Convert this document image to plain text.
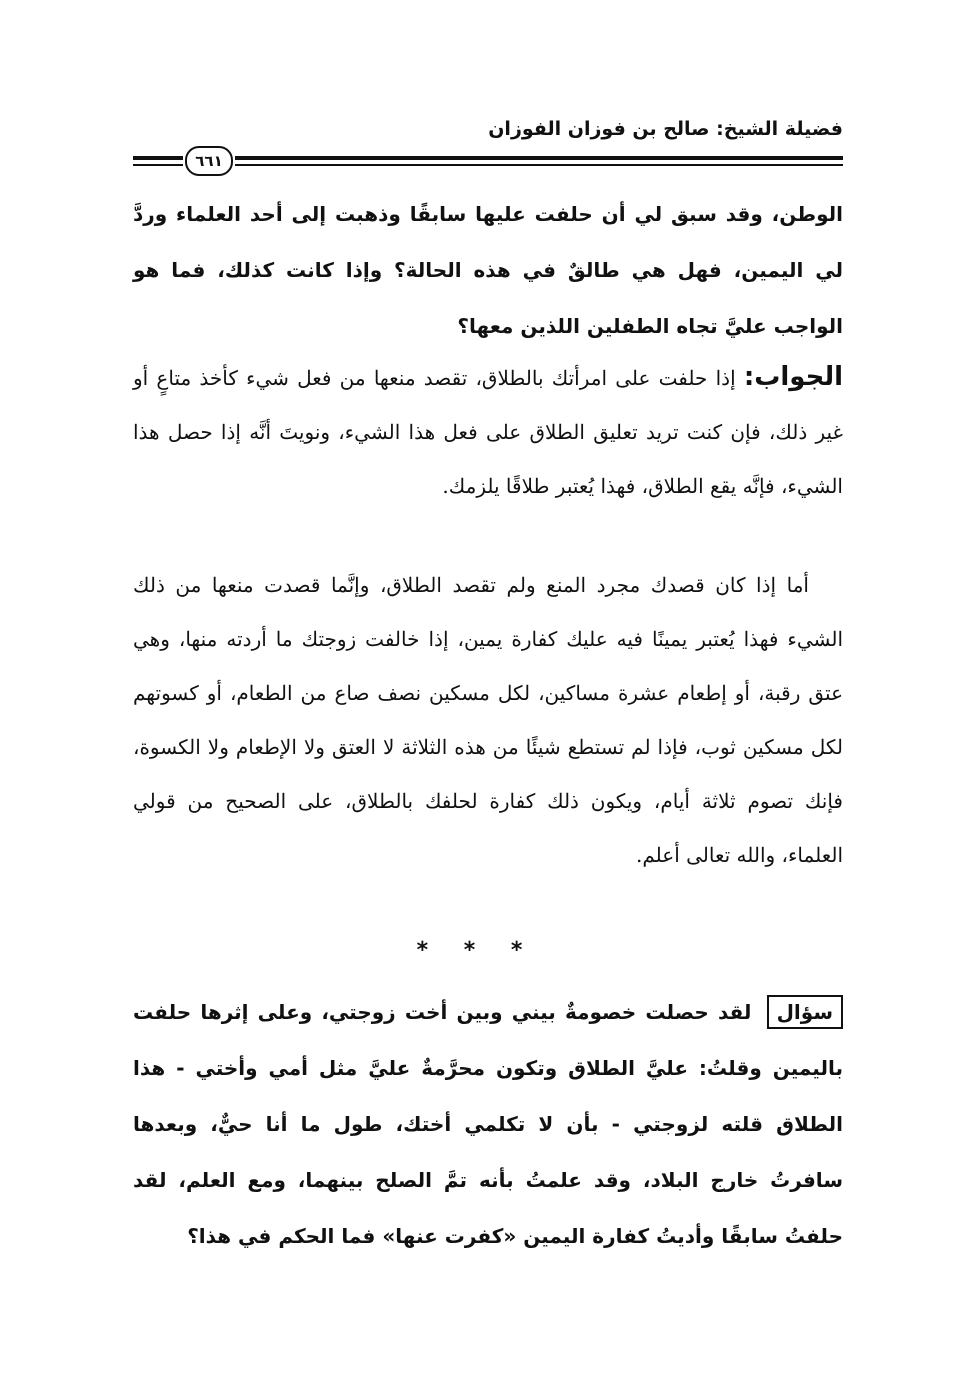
فضيلة الشيخ: صالح بن فوزان الفوزان
٦٦١
الوطن، وقد سبق لي أن حلفت عليها سابقًا وذهبت إلى أحد العلماء وردَّ لي اليمين، فهل هي طالقٌ في هذه الحالة؟ وإذا كانت كذلك، فما هو الواجب عليَّ تجاه الطفلين اللذين معها؟
الجواب: إذا حلفت على امرأتك بالطلاق، تقصد منعها من فعل شيء كأخذ متاعٍ أو غير ذلك، فإن كنت تريد تعليق الطلاق على فعل هذا الشيء، ونويتَ أنَّه إذا حصل هذا الشيء، فإنَّه يقع الطلاق، فهذا يُعتبر طلاقًا يلزمك.
أما إذا كان قصدك مجرد المنع ولم تقصد الطلاق، وإنَّما قصدت منعها من ذلك الشيء فهذا يُعتبر يمينًا فيه عليك كفارة يمين، إذا خالفت زوجتك ما أردته منها، وهي عتق رقبة، أو إطعام عشرة مساكين، لكل مسكين نصف صاع من الطعام، أو كسوتهم لكل مسكين ثوب، فإذا لم تستطع شيئًا من هذه الثلاثة لا العتق ولا الإطعام ولا الكسوة، فإنك تصوم ثلاثة أيام، ويكون ذلك كفارة لحلفك بالطلاق، على الصحيح من قولي العلماء، والله تعالى أعلم.
* * *
سؤال لقد حصلت خصومةٌ بيني وبين أخت زوجتي، وعلى إثرها حلفت باليمين وقلتُ: عليَّ الطلاق وتكون محرَّمةٌ عليَّ مثل أمي وأختي - هذا الطلاق قلته لزوجتي - بأن لا تكلمي أختك، طول ما أنا حيٌّ، وبعدها سافرتُ خارج البلاد، وقد علمتُ بأنه تمَّ الصلح بينهما، ومع العلم، لقد حلفتُ سابقًا وأديتُ كفارة اليمين «كفرت عنها» فما الحكم في هذا؟
